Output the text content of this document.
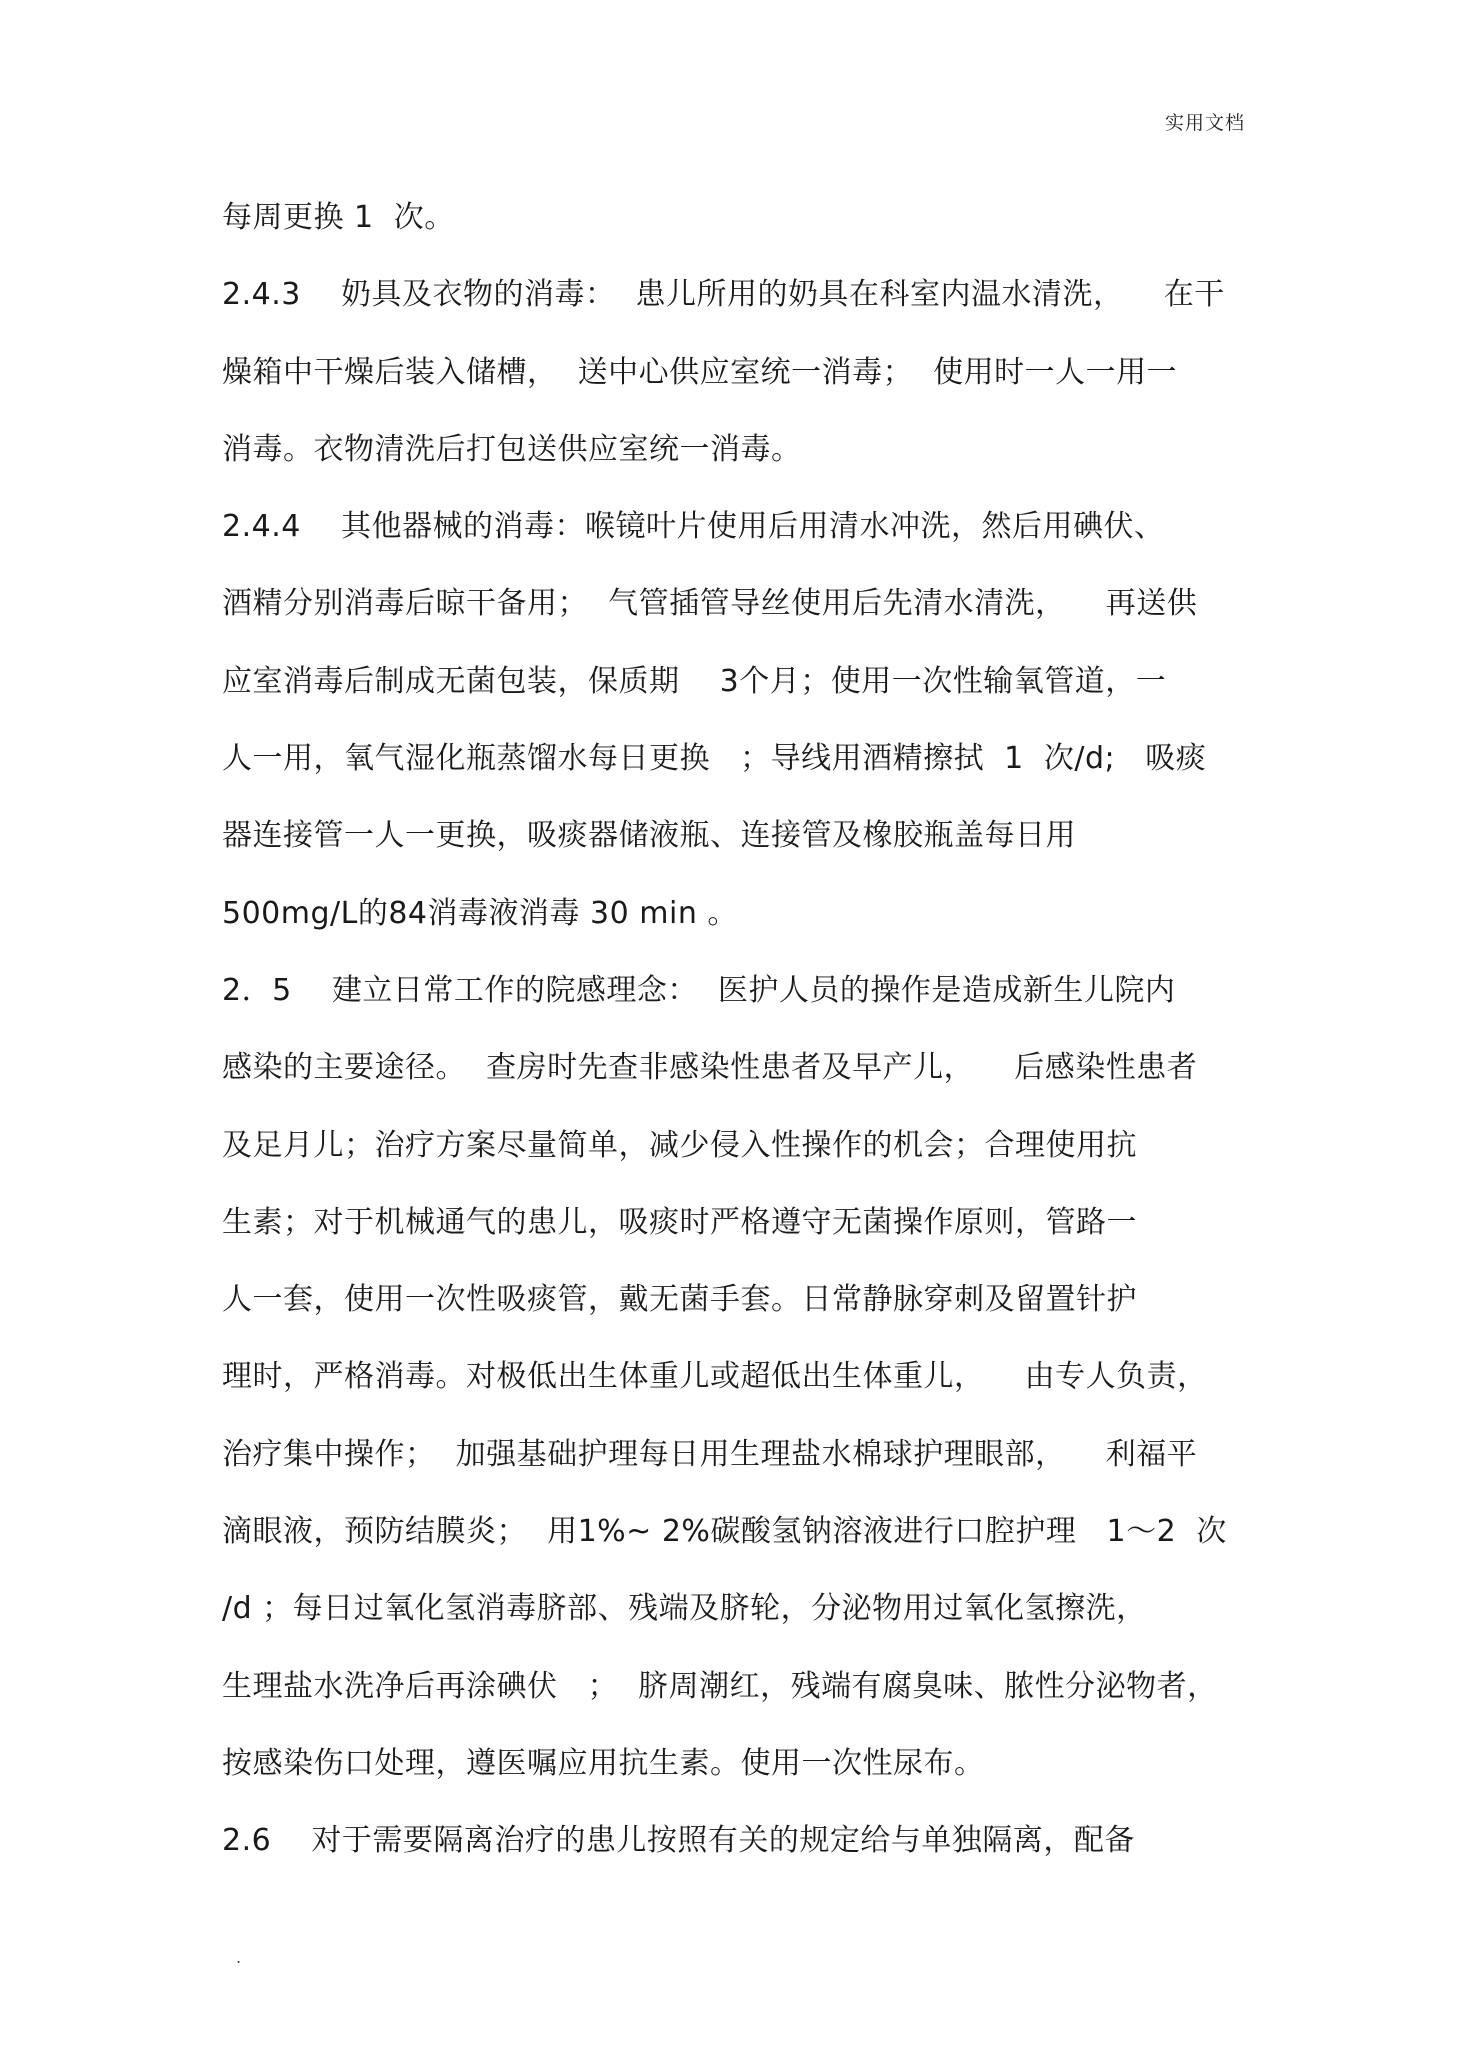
实用文档
每周更换 1  次。
2.4.3    奶具及衣物的消毒：  患儿所用的奶具在科室内温水清洗，    在干
燥箱中干燥后装入储槽，  送中心供应室统一消毒；  使用时一人一用一
消毒。衣物清洗后打包送供应室统一消毒。
2.4.4    其他器械的消毒：喉镜叶片使用后用清水冲洗，然后用碘伏、
酒精分别消毒后晾干备用；  气管插管导丝使用后先清水清洗，    再送供
应室消毒后制成无菌包装，保质期    3个月；使用一次性输氧管道，一
人一用，氧气湿化瓶蒸馏水每日更换   ；导线用酒精擦拭  1  次/d;   吸痰
器连接管一人一更换，吸痰器储液瓶、连接管及橡胶瓶盖每日用
500mg/L的84消毒液消毒 30 min 。
2．5    建立日常工作的院感理念：  医护人员的操作是造成新生儿院内
感染的主要途径。  查房时先查非感染性患者及早产儿，    后感染性患者
及足月儿；治疗方案尽量简单，减少侵入性操作的机会；合理使用抗
生素；对于机械通气的患儿，吸痰时严格遵守无菌操作原则，管路一
人一套，使用一次性吸痰管，戴无菌手套。日常静脉穿刺及留置针护
理时，严格消毒。对极低出生体重儿或超低出生体重儿，    由专人负责，
治疗集中操作；  加强基础护理每日用生理盐水棉球护理眼部，    利福平
滴眼液，预防结膜炎；  用1%~ 2%碳酸氢钠溶液进行口腔护理   1～2  次
/d ；每日过氧化氢消毒脐部、残端及脐轮，分泌物用过氧化氢擦洗，
生理盐水洗净后再涂碘伏   ；  脐周潮红，残端有腐臭味、脓性分泌物者，
按感染伤口处理，遵医嘱应用抗生素。使用一次性尿布。
2.6    对于需要隔离治疗的患儿按照有关的规定给与单独隔离，配备
.
